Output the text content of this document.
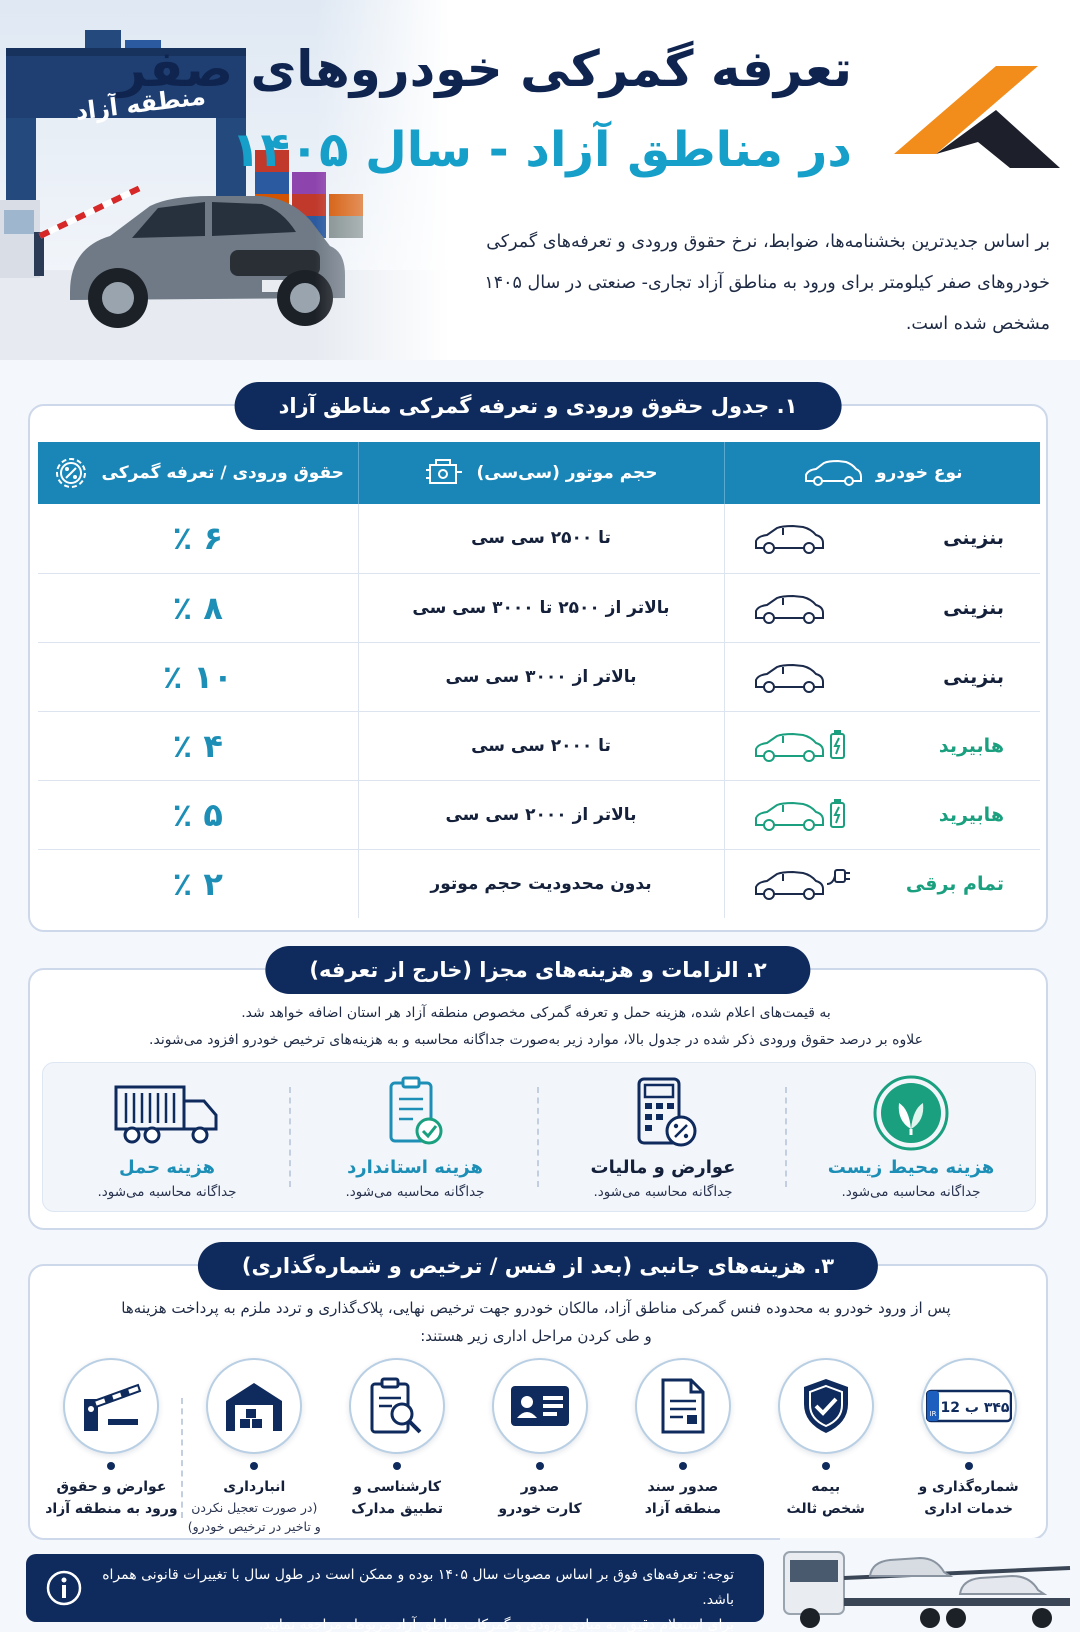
تعرفه گمرکی خودروهای صفر
در مناطق آزاد - سال ۱۴۰۵

بر اساس جدیدترین بخشنامه‌ها، ضوابط، نرخ حقوق ورودی و تعرفه‌های گمرکی خودروهای صفر کیلومتر برای ورود به مناطق آزاد تجاری- صنعتی در سال ۱۴۰۵ مشخص شده است.

۱. جدول حقوق ورودی و تعرفه گمرکی مناطق آزاد
نوع خودرو	حجم موتور (سی‌سی)	حقوق ورودی / تعرفه گمرکی

بنزینی	تا ۲۵۰۰ سی سی	۶ ٪

بنزینی	بالاتر از ۲۵۰۰ تا ۳۰۰۰ سی سی	۸ ٪

بنزینی	بالاتر از ۳۰۰۰ سی سی	۱۰ ٪

هابیرید	تا ۲۰۰۰ سی سی	۴ ٪

هابیرید	بالاتر از ۲۰۰۰ سی سی	۵ ٪

تمام برقی	بدون محدودیت حجم موتور	۲ ٪
۲. الزامات و هزینه‌های مجزا (خارج از تعرفه)
به قیمت‌های اعلام شده، هزینه حمل و تعرفه گمرکی مخصوص منطقه آزاد هر استان اضافه خواهد شد.
علاوه بر درصد حقوق ورودی ذکر شده در جدول بالا، موارد زیر به‌صورت جداگانه محاسبه و به هزینه‌های ترخیص خودرو افزود می‌شوند.
هزینه محیط زیست
جداگانه محاسبه می‌شود.
عوارض و مالیات
جداگانه محاسبه می‌شود.
هزینه استاندارد
جداگانه محاسبه می‌شود.
هزینه حمل
جداگانه محاسبه می‌شود.
۳. هزینه‌های جانبی (بعد از فنس / ترخیص و شماره‌گذاری)
پس از ورود خودرو به محدوده فنس گمرکی مناطق آزاد، مالکان خودرو جهت ترخیص نهایی، پلاک‌گذاری و تردد ملزم به پرداخت هزینه‌ها
و طی کردن مراحل اداری زیر هستند:
IR ۳۴۵ ب 12
شماره‌گذاری و
خدمات اداری
بیمه
شخص ثالث
صدور سند
منطقه آزاد
صدور
کارت خودرو
کارشناسی و
تطبیق مدارک
انبارداری
(در صورت تعجیل نکردن
و تاخیر در ترخیص خودرو)
عوارض و حقوق
ورود به منطقه آزاد
توجه: تعرفه‌های فوق بر اساس مصوبات سال ۱۴۰۵ بوده و ممکن است در طول سال با تغییرات قانونی همراه باشد.
برای استعلام دقیق، به مبادی ورودی و گمرکات مناطق آزاد مربوطه مراجعه نمایید.
